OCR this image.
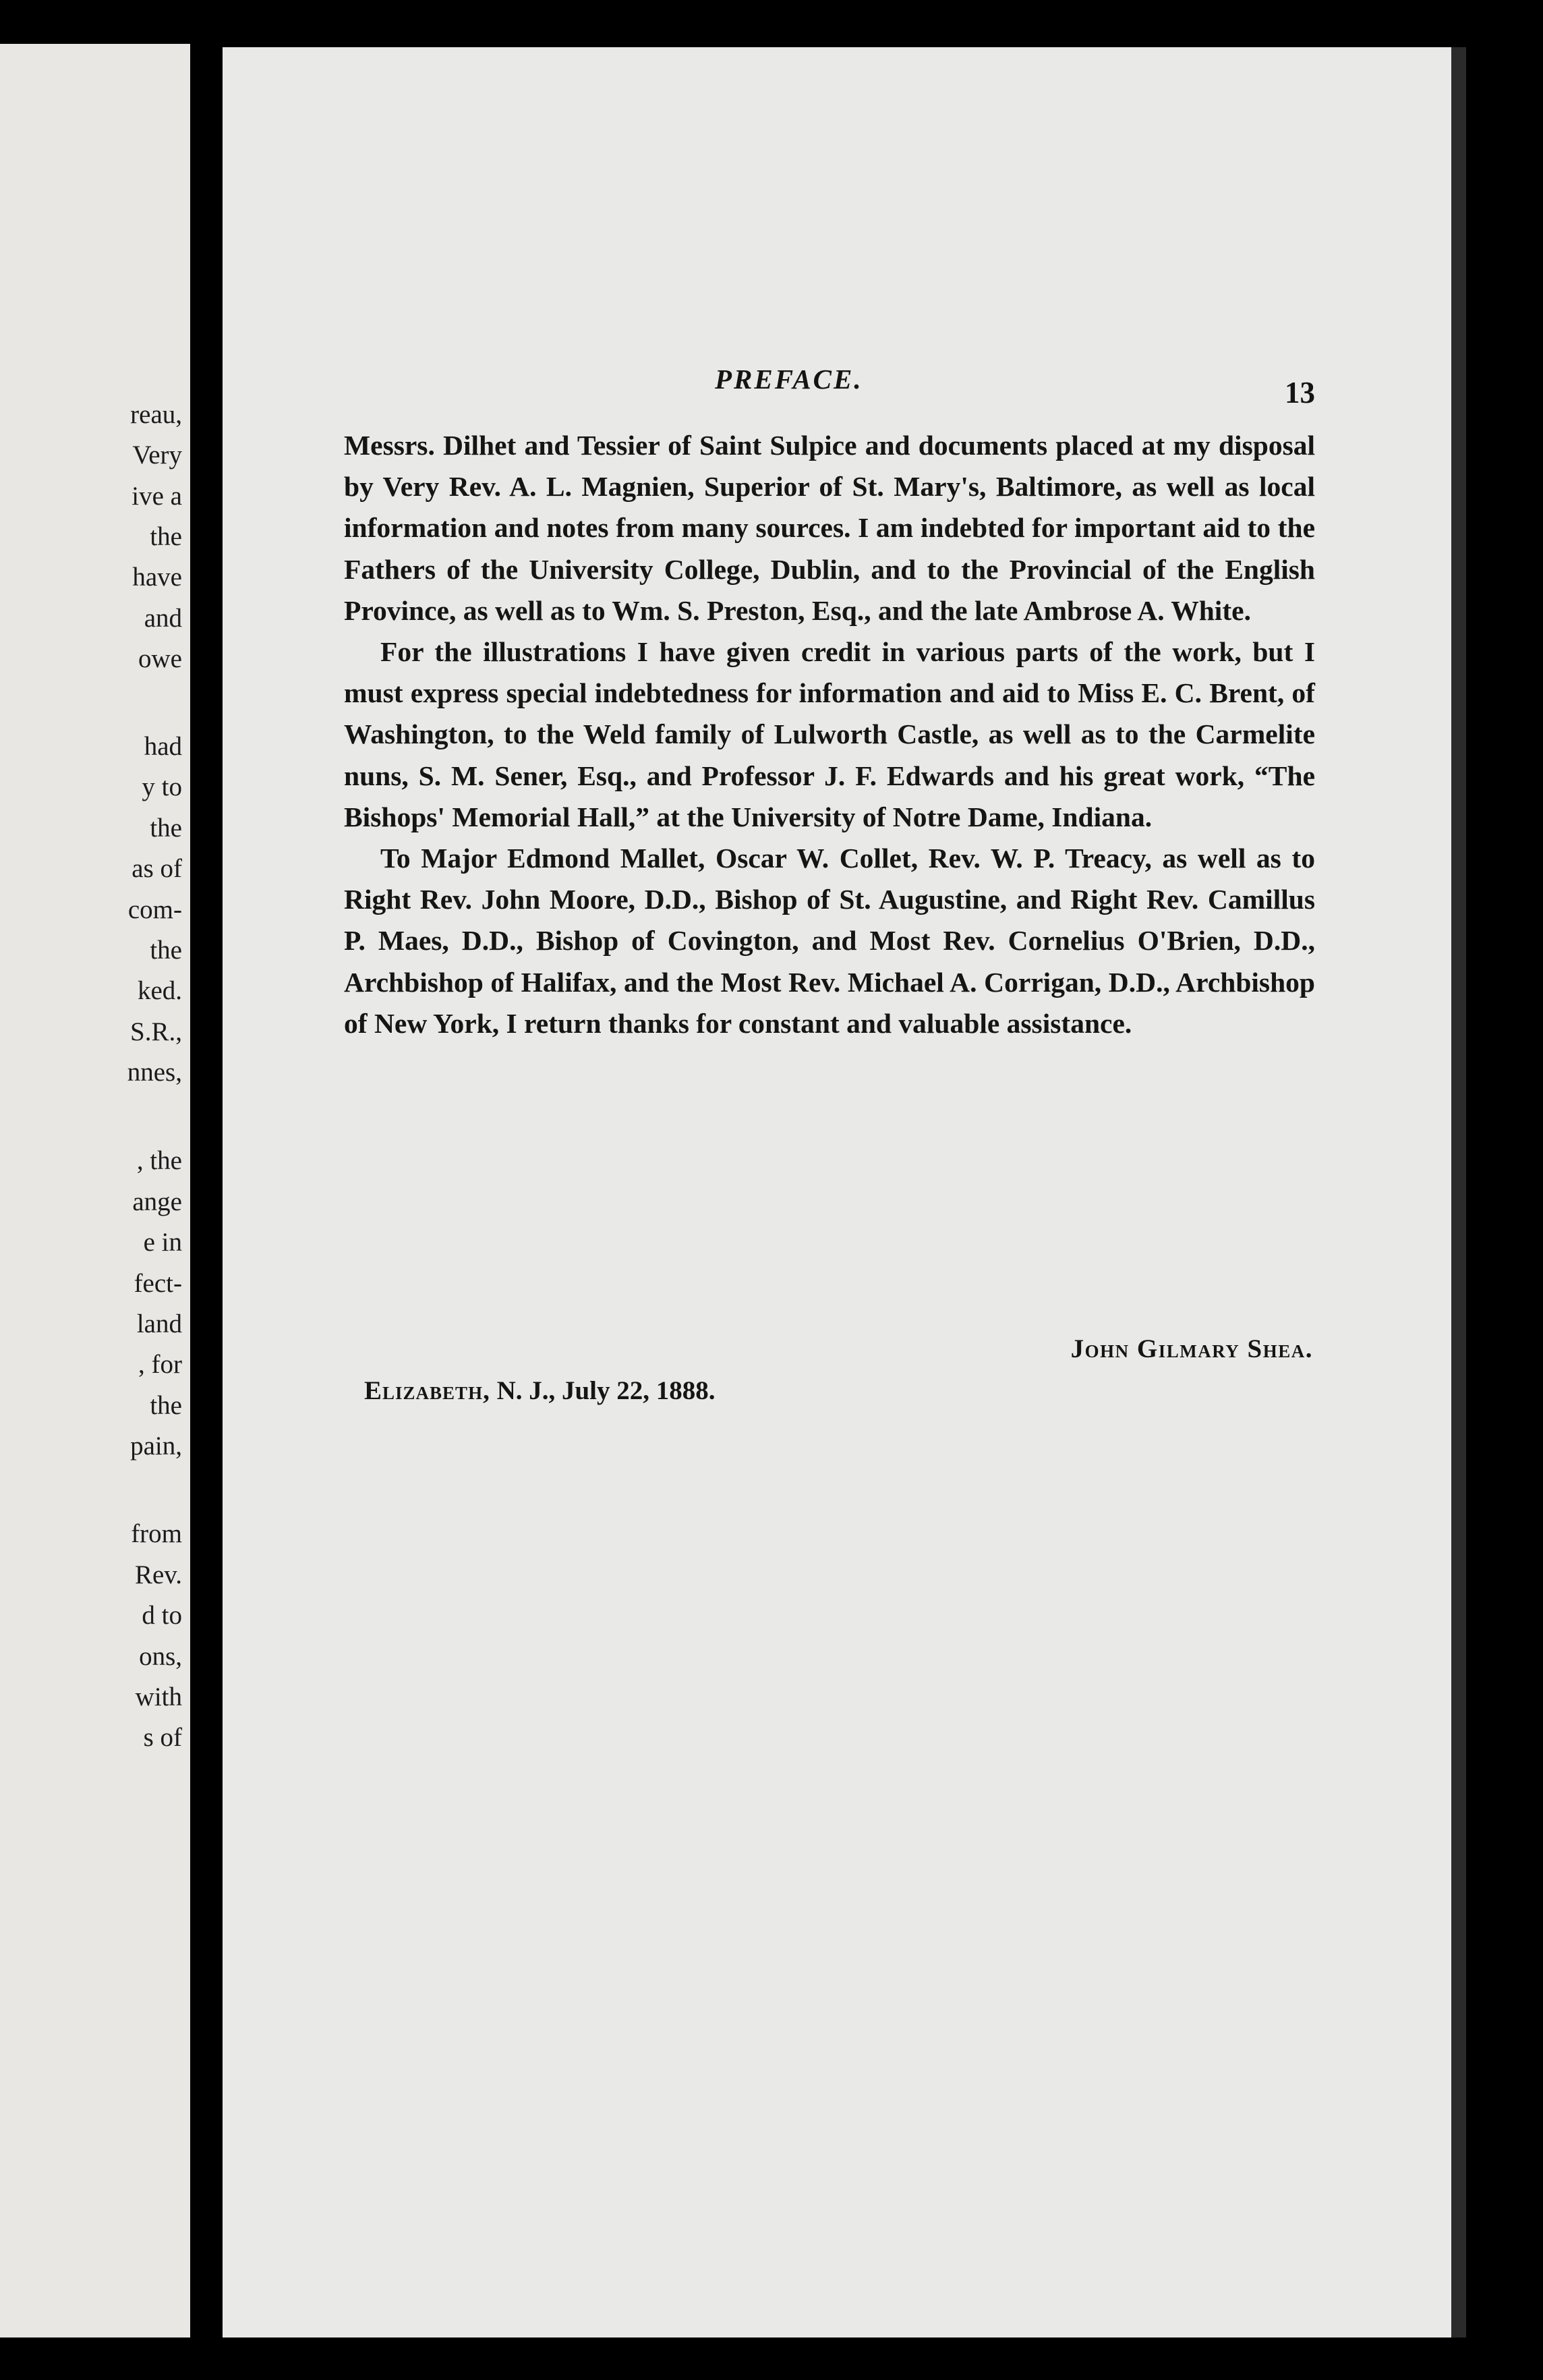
reau,
Very
ive a
the
have
and
owe
had
y to
the
as of
com-
the
ked.
S.R.,
nnes,
, the
ange
e in
fect-
land
, for
the
pain,
from
Rev.
d to
ons,
with
s of
PREFACE.	13

Messrs. Dilhet and Tessier of Saint Sulpice and documents placed at my disposal by Very Rev. A. L. Magnien, Superior of St. Mary's, Baltimore, as well as local information and notes from many sources. I am indebted for important aid to the Fathers of the University College, Dublin, and to the Provincial of the English Province, as well as to Wm. S. Preston, Esq., and the late Ambrose A. White.

For the illustrations I have given credit in various parts of the work, but I must express special indebtedness for information and aid to Miss E. C. Brent, of Washington, to the Weld family of Lulworth Castle, as well as to the Carmelite nuns, S. M. Sener, Esq., and Professor J. F. Edwards and his great work, “The Bishops' Memorial Hall,” at the University of Notre Dame, Indiana.

To Major Edmond Mallet, Oscar W. Collet, Rev. W. P. Treacy, as well as to Right Rev. John Moore, D.D., Bishop of St. Augustine, and Right Rev. Camillus P. Maes, D.D., Bishop of Covington, and Most Rev. Cornelius O'Brien, D.D., Archbishop of Halifax, and the Most Rev. Michael A. Corrigan, D.D., Archbishop of New York, I return thanks for constant and valuable assistance.

John Gilmary Shea.
Elizabeth, N. J., July 22, 1888.
